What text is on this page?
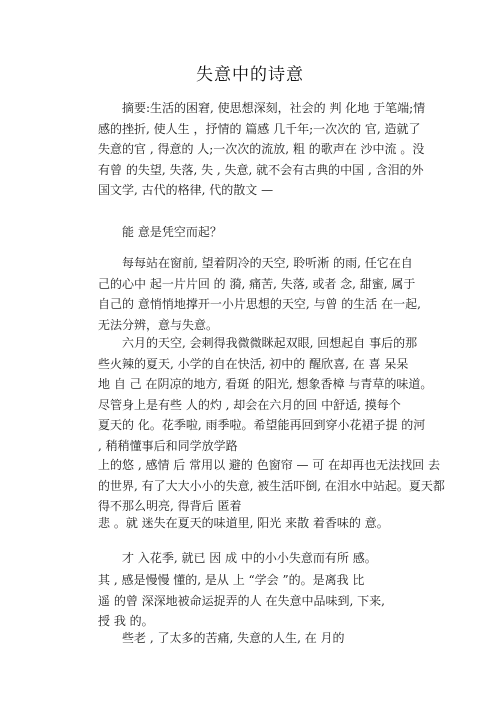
失意中的诗意

摘要:生活的困窘, 使思想深刻，社会的 判 化地 于笔端;情
感的挫折, 使人生 ，抒情的 篇感 几千年;一次次的 官, 造就了
失意的官 , 得意的 人;一次次的流放, 粗 的歌声在 沙中流 。没
有曾 的失望, 失落, 失 , 失意, 就不会有古典的中国 , 含泪的外
国文学, 古代的格律, 代的散文 —

能 意是凭空而起？

每每站在窗前, 望着阴冷的天空, 聆听淅 的雨, 任它在自
己的心中 起一片片回 的 漪, 痛苦, 失落, 或者 念, 甜蜜, 属于
自己的 意悄悄地撑开一小片思想的天空, 与曾 的生活 在一起,
无法分辨，意与失意。

六月的天空, 会刺得我微微眯起双眼, 回想起自 事后的那
些火辣的夏天, 小学的自在快活, 初中的 醒欣喜, 在 喜 呆呆
地 自 己 在阴凉的地方, 看斑 的阳光, 想象香樟 与青草的味道。
尽管身上是有些 人的灼 , 却会在六月的回 中舒适, 摸每个
夏天的 化。花季啦, 雨季啦。希望能再回到穿小花裙子提 的河
, 稍稍懂事后和同学放学路

上的悠 , 感情 后 常用以 避的 色窗帘 — 可 在却再也无法找回 去
的世界, 有了大大小小的失意, 被生活吓倒, 在泪水中站起。夏天都
得不那么明亮, 得背后 匿着

悲 。就 迷失在夏天的味道里, 阳光 来散 着香味的 意。

才 入花季, 就已 因 成 中的小小失意而有所 感。

其 , 感是慢慢 懂的, 是从 上 “学会 ”的。是离我 比
遥 的曾 深深地被命运捉弄的人 在失意中品味到, 下来,
授 我 的。

些老 , 了太多的苦痛, 失意的人生, 在 月的
